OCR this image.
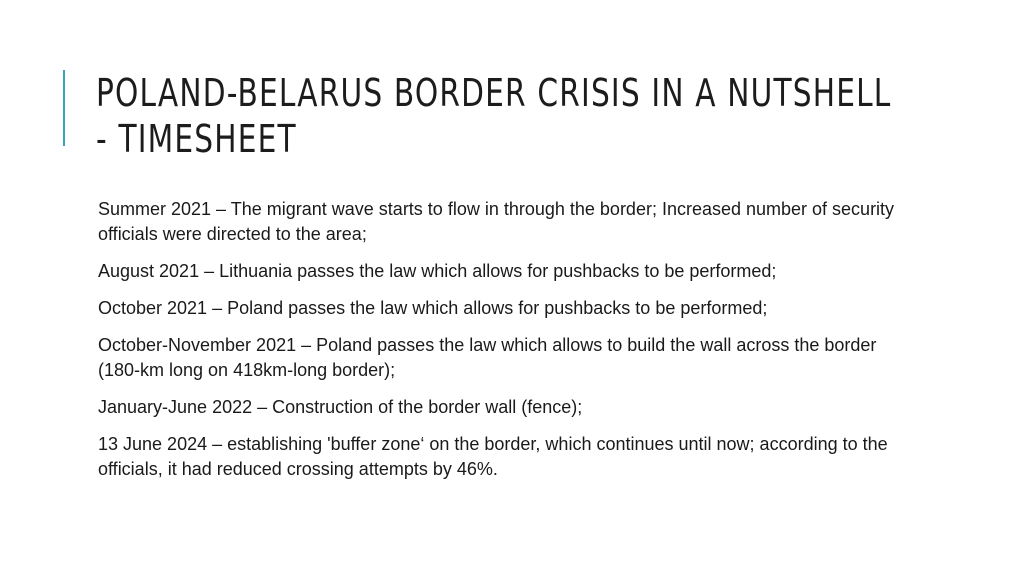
POLAND-BELARUS BORDER CRISIS IN A NUTSHELL
- TIMESHEET

Summer 2021 – The migrant wave starts to flow in through the border; Increased number of security officials were directed to the area;

August 2021 – Lithuania passes the law which allows for pushbacks to be performed;

October 2021 – Poland passes the law which allows for pushbacks to be performed;

October-November 2021 – Poland passes the law which allows to build the wall across the border (180-km long on 418km-long border);

January-June 2022 – Construction of the border wall (fence);

13 June 2024 – establishing 'buffer zone‘ on the border, which continues until now; according to the officials, it had reduced crossing attempts by 46%.
